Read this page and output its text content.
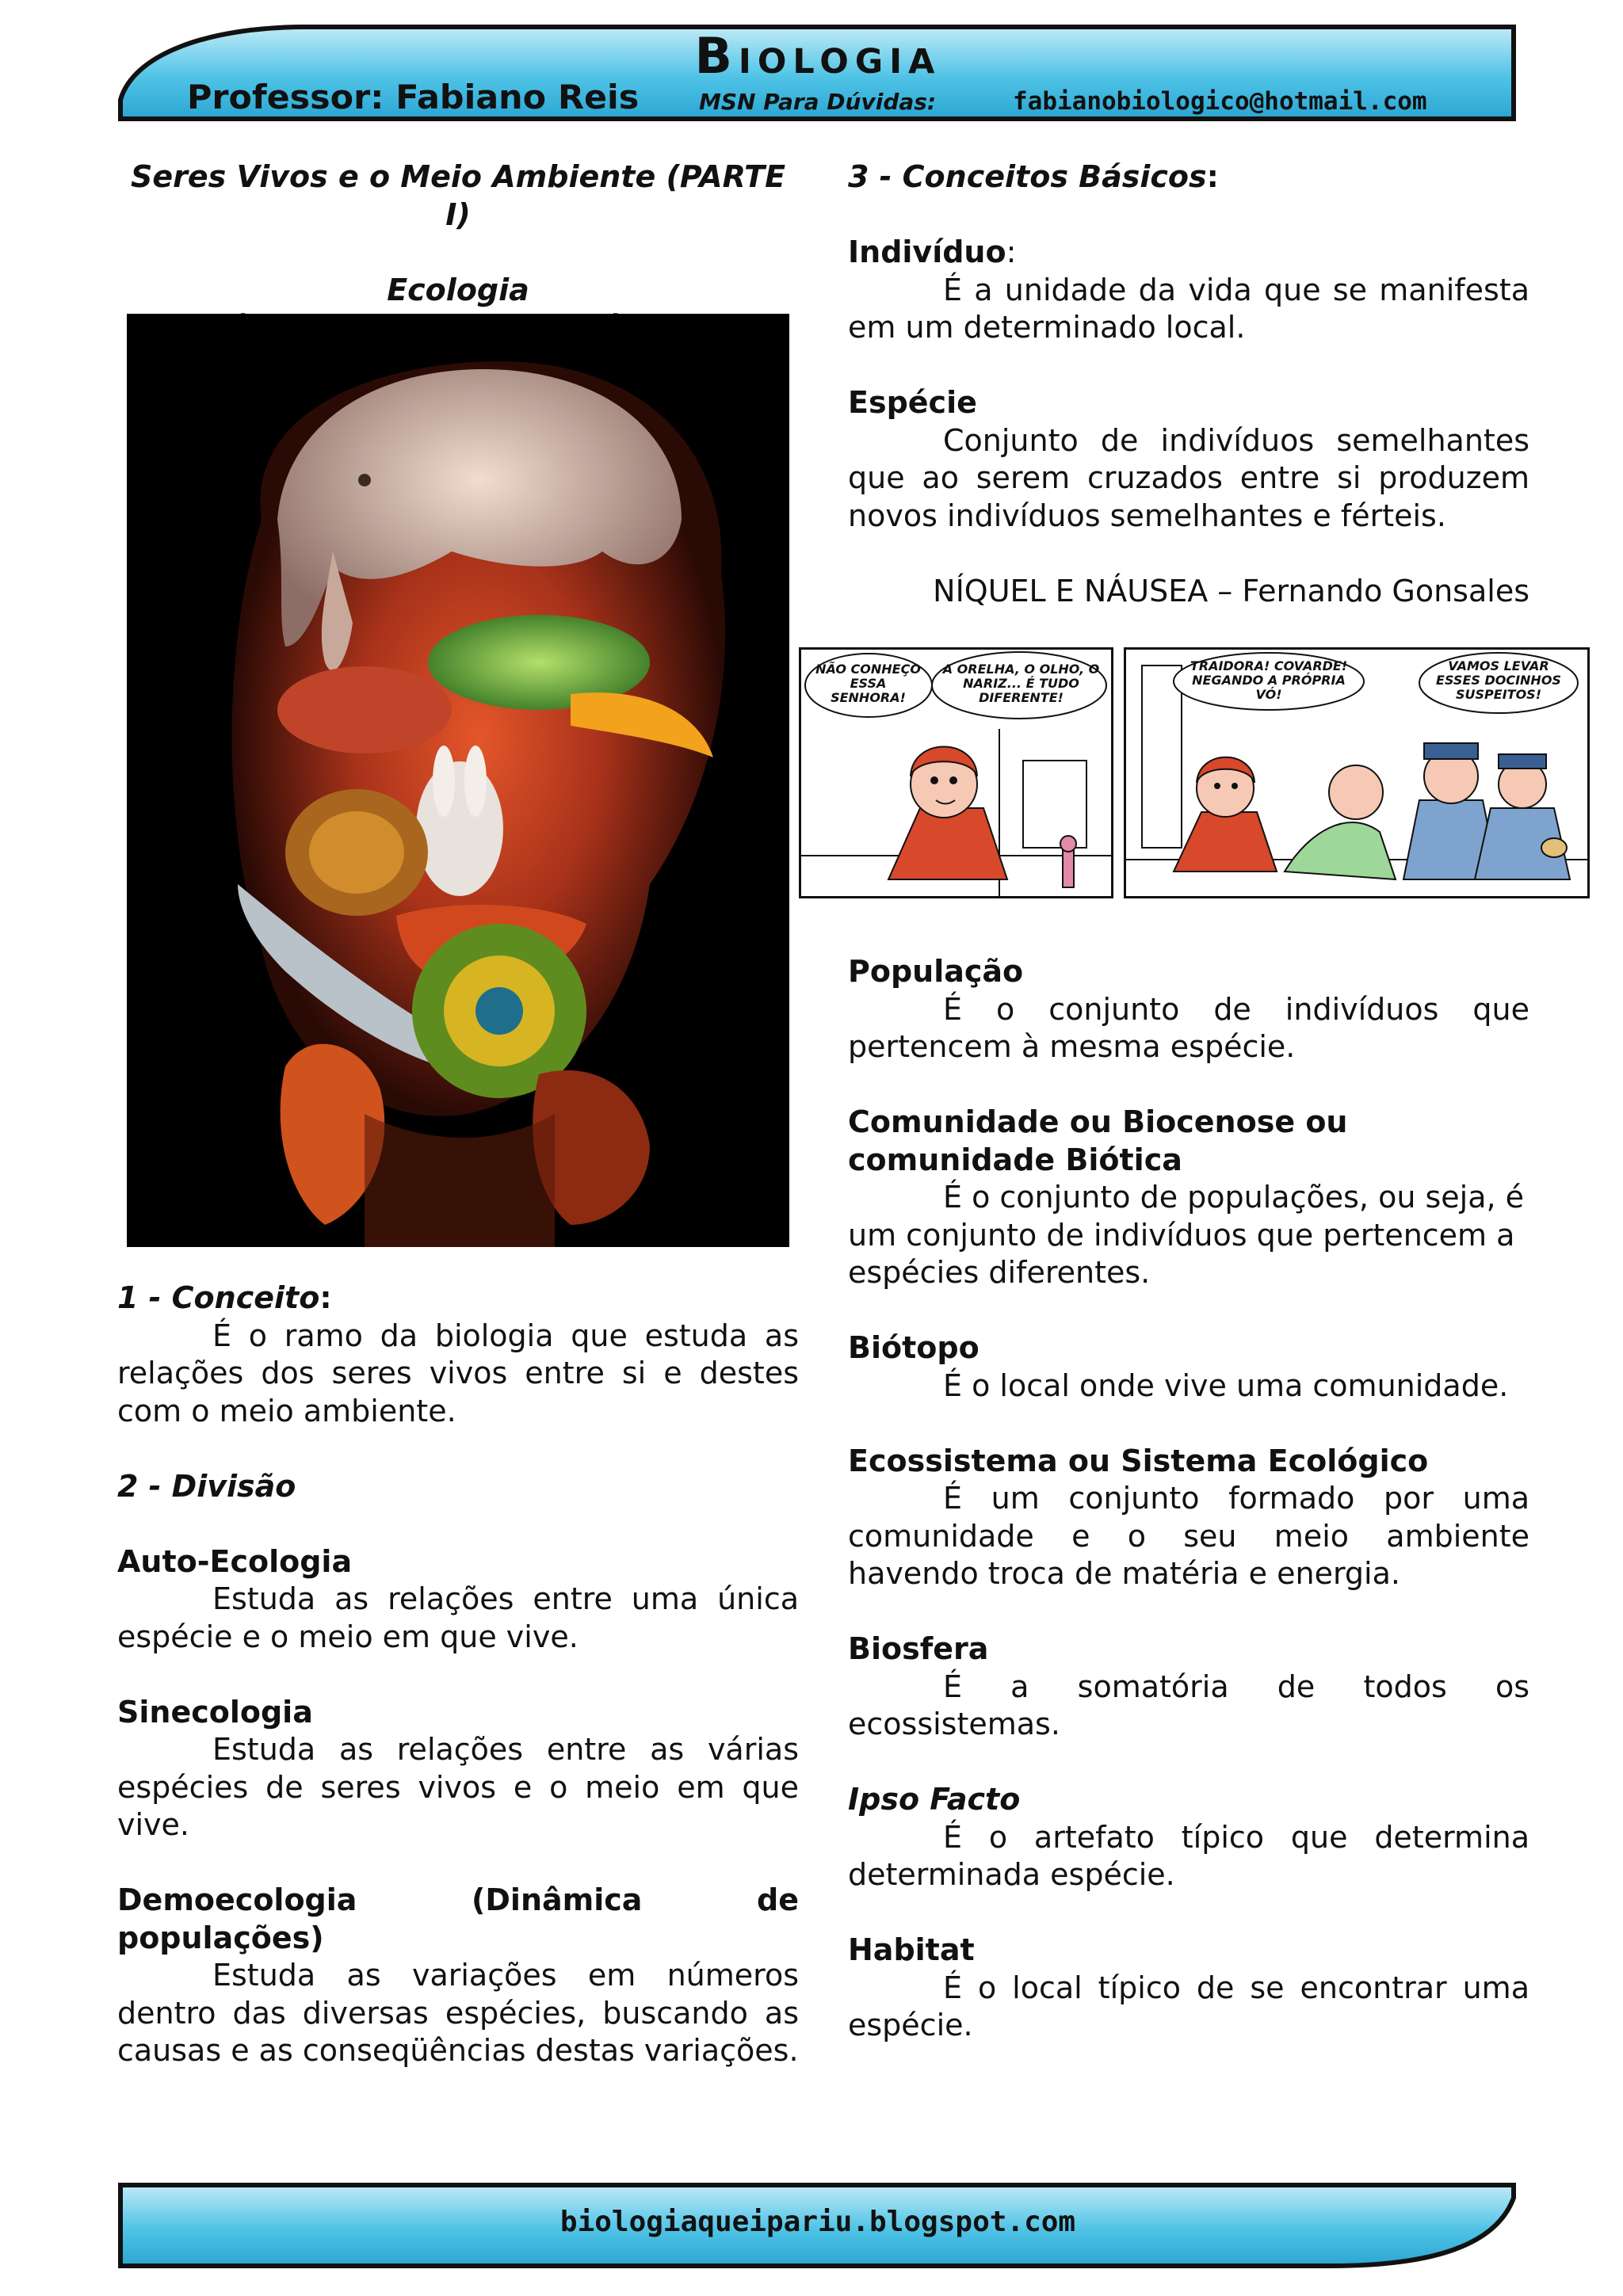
Biologia
Professor: Fabiano Reis	MSN Para Dúvidas:	fabianobiologico@hotmail.com

Seres Vivos e o Meio Ambiente (PARTE I)

Ecologia

1 - Conceito:

É o ramo da biologia que estuda as relações dos seres vivos entre si e destes com o meio ambiente.

2 - Divisão

Auto-Ecologia

Estuda as relações entre uma única espécie e o meio em que vive.

Sinecologia

Estuda as relações entre as várias espécies de seres vivos e o meio em que vive.

Demoecologia (Dinâmica de populações)

Estuda as variações em números dentro das diversas espécies, buscando as causas e as conseqüências destas variações.

3 - Conceitos Básicos:

Indivíduo:

É a unidade da vida que se manifesta em um determinado local.

Espécie

Conjunto de indivíduos semelhantes que ao serem cruzados entre si produzem novos indivíduos semelhantes e férteis.

NÍQUEL E NÁUSEA – Fernando Gonsales

NÃO CONHEÇO ESSA SENHORA!
A ORELHA, O OLHO, O NARIZ... É TUDO DIFERENTE!
TRAIDORA! COVARDE! NEGANDO A PRÓPRIA VÓ!
VAMOS LEVAR ESSES DOCINHOS SUSPEITOS!

População

É o conjunto de indivíduos que pertencem à mesma espécie.

Comunidade ou Biocenose ou comunidade Biótica

É o conjunto de populações, ou seja, é um conjunto de indivíduos que pertencem a espécies diferentes.

Biótopo

É o local onde vive uma comunidade.

Ecossistema ou Sistema Ecológico

É um conjunto formado por uma comunidade e o seu meio ambiente havendo troca de matéria e energia.

Biosfera

É a somatória de todos os ecossistemas.

Ipso Facto

É o artefato típico que determina determinada espécie.

Habitat

É o local típico de se encontrar uma espécie.

biologiaqueipariu.blogspot.com
